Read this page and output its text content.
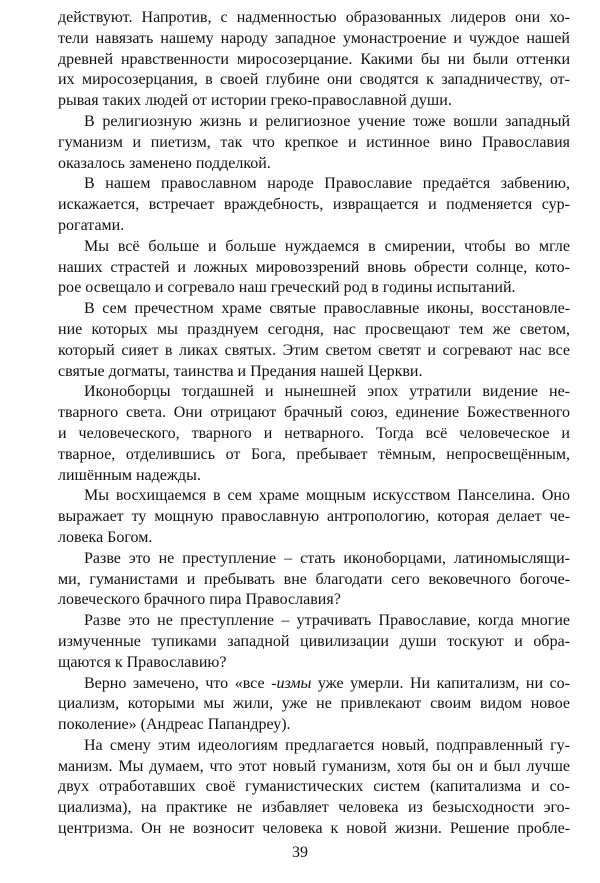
действуют. Напротив, с надменностью образованных лидеров они хо-

тели навязать нашему народу западное умонастроение и чуждое нашей

древней нравственности миросозерцание. Какими бы ни были оттенки

их миросозерцания, в своей глубине они сводятся к западничеству, от-

рывая таких людей от истории греко-православной души.

В религиозную жизнь и религиозное учение тоже вошли западный

гуманизм и пиетизм, так что крепкое и истинное вино Православия

оказалось заменено подделкой.

В нашем православном народе Православие предаётся забвению,

искажается, встречает враждебность, извращается и подменяется сур-

рогатами.

Мы всё больше и больше нуждаемся в смирении, чтобы во мгле

наших страстей и ложных мировоззрений вновь обрести солнце, кото-

рое освещало и согревало наш греческий род в годины испытаний.

В сем пречестном храме святые православные иконы, восстановле-

ние которых мы празднуем сегодня, нас просвещают тем же светом,

который сияет в ликах святых. Этим светом светят и согревают нас все

святые догматы, таинства и Предания нашей Церкви.

Иконоборцы тогдашней и нынешней эпох утратили видение не-

тварного света. Они отрицают брачный союз, единение Божественного

и человеческого, тварного и нетварного. Тогда всё человеческое и

тварное, отделившись от Бога, пребывает тёмным, непросвещённым,

лишённым надежды.

Мы восхищаемся в сем храме мощным искусством Панселина. Оно

выражает ту мощную православную антропологию, которая делает че-

ловека Богом.

Разве это не преступление – стать иконоборцами, латиномыслящи-

ми, гуманистами и пребывать вне благодати сего вековечного богоче-

ловеческого брачного пира Православия?

Разве это не преступление – утрачивать Православие, когда многие

измученные тупиками западной цивилизации души тоскуют и обра-

щаются к Православию?

Верно замечено, что «все -измы уже умерли. Ни капитализм, ни со-

циализм, которыми мы жили, уже не привлекают своим видом новое

поколение» (Андреас Папандреу).

На смену этим идеологиям предлагается новый, подправленный гу-

манизм. Мы думаем, что этот новый гуманизм, хотя бы он и был лучше

двух отработавших своё гуманистических систем (капитализма и со-

циализма), на практике не избавляет человека из безысходности эго-

центризма. Он не возносит человека к новой жизни. Решение пробле-

39
